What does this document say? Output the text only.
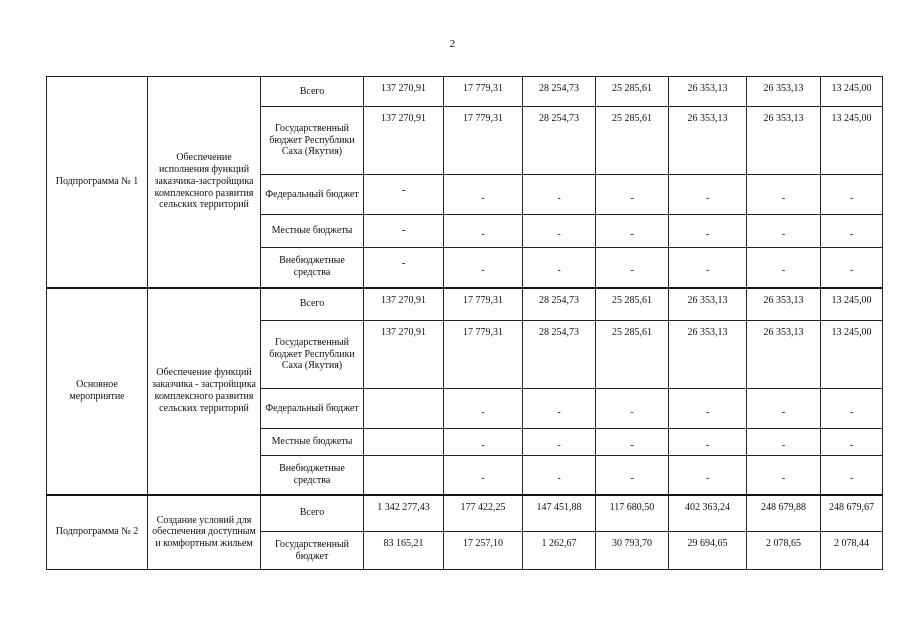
2
Подпрограмма № 1	Обеспечение исполнения функций заказчика-застройщика комплексного развития сельских территорий	Всего	137 270,91	17 779,31	28 254,73	25 285,61	26 353,13	26 353,13	13 245,00
		Государственный бюджет Республики Саха (Якутия)	137 270,91	17 779,31	28 254,73	25 285,61	26 353,13	26 353,13	13 245,00
		Федеральный бюджет	-	-	-	-	-	-	-
		Местные бюджеты	-	-	-	-	-	-	-
		Внебюджетные средства	-	-	-	-	-	-	-
Основное мероприятие	Обеспечение функций заказчика - застройщика комплексного развития сельских территорий	Всего	137 270,91	17 779,31	28 254,73	25 285,61	26 353,13	26 353,13	13 245,00
		Государственный бюджет Республики Саха (Якутия)	137 270,91	17 779,31	28 254,73	25 285,61	26 353,13	26 353,13	13 245,00
		Федеральный бюджет		-	-	-	-	-	-
		Местные бюджеты		-	-	-	-	-	-
		Внебюджетные средства		-	-	-	-	-	-
Подпрограмма № 2	Создание условий для обеспечения доступным и комфортным жильем	Всего	1 342 277,43	177 422,25	147 451,88	117 680,50	402 363,24	248 679,88	248 679,67
		Государственный бюджет	83 165,21	17 257,10	1 262,67	30 793,70	29 694,65	2 078,65	2 078,44
